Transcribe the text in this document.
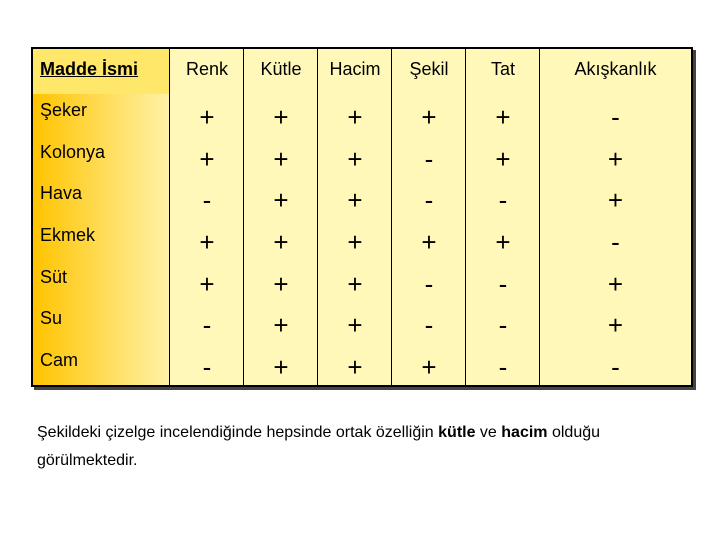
Madde İsmi	Renk	Kütle	Hacim	Şekil	Tat	Akışkanlık
Şeker	+	+	+	+	+	-
Kolonya	+	+	+	-	+	+
Hava	-	+	+	-	-	+
Ekmek	+	+	+	+	+	-
Süt	+	+	+	-	-	+
Su	-	+	+	-	-	+
Cam	-	+	+	+	-	-
Şekildeki çizelge incelendiğinde hepsinde ortak özelliğin kütle ve hacim olduğu görülmektedir.
